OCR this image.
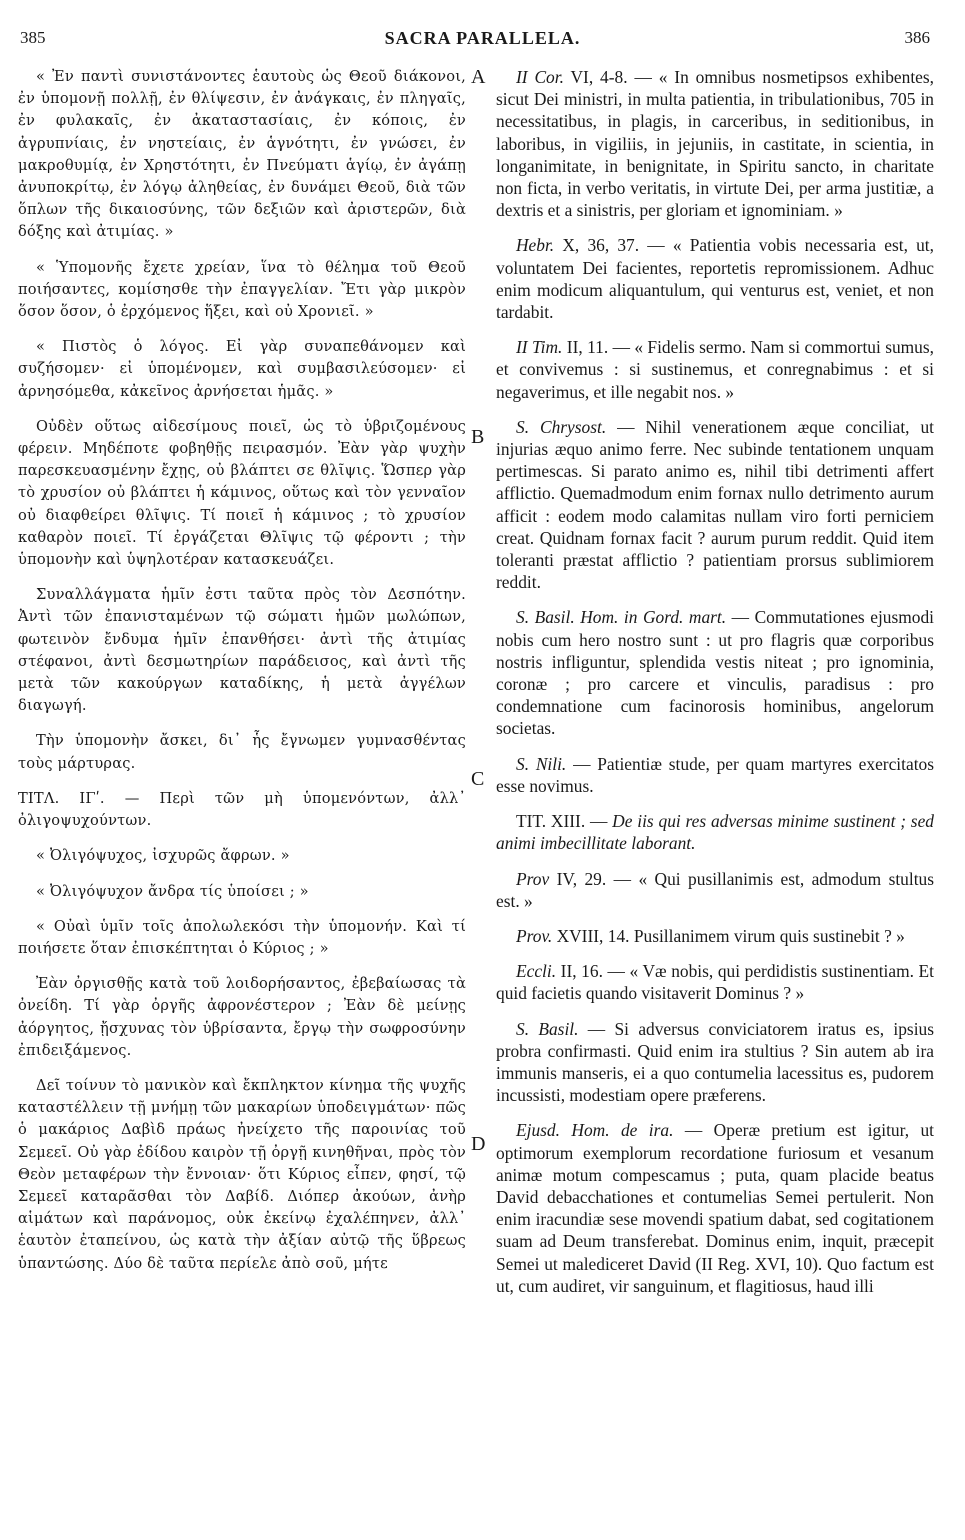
385	SACRA PARALLELA.	386
A
B
C
D

« Ἐν παντὶ συνιστάνοντες ἑαυτοὺς ὡς Θεοῦ διάκονοι, ἐν ὑπομονῇ πολλῇ, ἐν θλίψεσιν, ἐν ἀνάγκαις, ἐν πληγαῖς, ἐν φυλακαῖς, ἐν ἀκαταστασίαις, ἐν κόποις, ἐν ἀγρυπνίαις, ἐν νηστείαις, ἐν ἁγνότητι, ἐν γνώσει, ἐν μακροθυμίᾳ, ἐν Χρηστότητι, ἐν Πνεύματι ἁγίῳ, ἐν ἀγάπῃ ἀνυποκρίτῳ, ἐν λόγῳ ἀληθείας, ἐν δυνάμει Θεοῦ, διὰ τῶν ὅπλων τῆς δικαιοσύνης, τῶν δεξιῶν καὶ ἀριστερῶν, διὰ δόξης καὶ ἀτιμίας. »

« Ὑπομονῆς ἔχετε χρείαν, ἵνα τὸ θέλημα τοῦ Θεοῦ ποιήσαντες, κομίσησθε τὴν ἐπαγγελίαν. Ἔτι γὰρ μικρὸν ὅσον ὅσον, ὁ ἐρχόμενος ἥξει, καὶ οὐ Χρονιεῖ. »

« Πιστὸς ὁ λόγος. Εἰ γὰρ συναπεθάνομεν καὶ συζήσομεν· εἰ ὑπομένομεν, καὶ συμβασιλεύσομεν· εἰ ἀρνησόμεθα, κἀκεῖνος ἀρνήσεται ἡμᾶς. »

Οὐδὲν οὕτως αἰδεσίμους ποιεῖ, ὡς τὸ ὑβριζομένους φέρειν. Μηδέποτε φοβηθῇς πειρασμόν. Ἐὰν γὰρ ψυχὴν παρεσκευασμένην ἔχῃς, οὐ βλάπτει σε θλῖψις. Ὥσπερ γὰρ τὸ χρυσίον οὐ βλάπτει ἡ κάμινος, οὕτως καὶ τὸν γενναῖον οὐ διαφθείρει θλῖψις. Τί ποιεῖ ἡ κάμινος ; τὸ χρυσίον καθαρὸν ποιεῖ. Τί ἐργάζεται Θλῖψις τῷ φέροντι ; τὴν ὑπομονὴν καὶ ὑψηλοτέραν κατασκευάζει.

Συναλλάγματα ἡμῖν ἐστι ταῦτα πρὸς τὸν Δεσπότην. Ἀντὶ τῶν ἐπανισταμένων τῷ σώματι ἡμῶν μωλώπων, φωτεινὸν ἔνδυμα ἡμῖν ἐπανθήσει· ἀντὶ τῆς ἀτιμίας στέφανοι, ἀντὶ δεσμωτηρίων παράδεισος, καὶ ἀντὶ τῆς μετὰ τῶν κακούργων καταδίκης, ἡ μετὰ ἀγγέλων διαγωγή.

Τὴν ὑπομονὴν ἄσκει, δι᾽ ἧς ἔγνωμεν γυμνασθέντας τοὺς μάρτυρας.

ΤΙΤΛ. ΙΓʹ. — Περὶ τῶν μὴ ὑπομενόντων, ἀλλ᾽ ὀλιγοψυχούντων.

« Ὀλιγόψυχος, ἰσχυρῶς ἄφρων. »

« Ὀλιγόψυχον ἄνδρα τίς ὑποίσει ; »

« Οὐαὶ ὑμῖν τοῖς ἀπολωλεκόσι τὴν ὑπομονήν. Καὶ τί ποιήσετε ὅταν ἐπισκέπτηται ὁ Κύριος ; »

Ἐὰν ὀργισθῇς κατὰ τοῦ λοιδορήσαντος, ἐβεβαίωσας τὰ ὀνείδη. Τί γὰρ ὀργῆς ἀφρονέστερον ; Ἐὰν δὲ μείνῃς ἀόργητος, ᾔσχυνας τὸν ὑβρίσαντα, ἔργῳ τὴν σωφροσύνην ἐπιδειξάμενος.

Δεῖ τοίνυν τὸ μανικὸν καὶ ἔκπληκτον κίνημα τῆς ψυχῆς καταστέλλειν τῇ μνήμῃ τῶν μακαρίων ὑποδειγμάτων· πῶς ὁ μακάριος Δαβὶδ πράως ἠνείχετο τῆς παροινίας τοῦ Σεμεεῖ. Οὐ γὰρ ἐδίδου καιρὸν τῇ ὀργῇ κινηθῆναι, πρὸς τὸν Θεὸν μεταφέρων τὴν ἔννοιαν· ὅτι Κύριος εἶπεν, φησί, τῷ Σεμεεῖ καταρᾶσθαι τὸν Δαβίδ. Διόπερ ἀκούων, ἀνὴρ αἱμάτων καὶ παράνομος, οὐκ ἐκείνῳ ἐχαλέπηνεν, ἀλλ᾽ ἑαυτὸν ἐταπείνου, ὡς κατὰ τὴν ἀξίαν αὐτῷ τῆς ὕβρεως ὑπαντώσης. Δύο δὲ ταῦτα περίελε ἀπὸ σοῦ, μήτε

II Cor. VI, 4-8. — « In omnibus nosmetipsos exhibentes, sicut Dei ministri, in multa patientia, in tribulationibus, 705 in necessitatibus, in plagis, in carceribus, in seditionibus, in laboribus, in vigiliis, in jejuniis, in castitate, in scientia, in longanimitate, in benignitate, in Spiritu sancto, in charitate non ficta, in verbo veritatis, in virtute Dei, per arma justitiæ, a dextris et a sinistris, per gloriam et ignominiam. »

Hebr. X, 36, 37. — « Patientia vobis necessaria est, ut, voluntatem Dei facientes, reportetis repromissionem. Adhuc enim modicum aliquantulum, qui venturus est, veniet, et non tardabit.

II Tim. II, 11. — « Fidelis sermo. Nam si commortui sumus, et convivemus : si sustinemus, et conregnabimus : et si negaverimus, et ille negabit nos. »

S. Chrysost. — Nihil venerationem æque conciliat, ut injurias æquo animo ferre. Nec subinde tentationem unquam pertimescas. Si parato animo es, nihil tibi detrimenti affert afflictio. Quemadmodum enim fornax nullo detrimento aurum afficit : eodem modo calamitas nullam viro forti perniciem creat. Quidnam fornax facit ? aurum purum reddit. Quid item toleranti præstat afflictio ? patientiam prorsus sublimiorem reddit.

S. Basil. Hom. in Gord. mart. — Commutationes ejusmodi nobis cum hero nostro sunt : ut pro flagris quæ corporibus nostris infliguntur, splendida vestis niteat ; pro ignominia, coronæ ; pro carcere et vinculis, paradisus : pro condemnatione cum facinorosis hominibus, angelorum societas.

S. Nili. — Patientiæ stude, per quam martyres exercitatos esse novimus.

TIT. XIII. — De iis qui res adversas minime sustinent ; sed animi imbecillitate laborant.

Prov IV, 29. — « Qui pusillanimis est, admodum stultus est. »

Prov. XVIII, 14. Pusillanimem virum quis sustinebit ? »

Eccli. II, 16. — « Væ nobis, qui perdidistis sustinentiam. Et quid facietis quando visitaverit Dominus ? »

S. Basil. — Si adversus conviciatorem iratus es, ipsius probra confirmasti. Quid enim ira stultius ? Sin autem ab ira immunis manseris, ei a quo contumelia lacessitus es, pudorem incussisti, modestiam opere præferens.

Ejusd. Hom. de ira. — Operæ pretium est igitur, ut optimorum exemplorum recordatione furiosum et vesanum animæ motum compescamus ; puta, quam placide beatus David debacchationes et contumelias Semei pertulerit. Non enim iracundiæ sese movendi spatium dabat, sed cogitationem suam ad Deum transferebat. Dominus enim, inquit, præcepit Semei ut malediceret David (II Reg. XVI, 10). Quo factum est ut, cum audiret, vir sanguinum, et flagitiosus, haud illi
